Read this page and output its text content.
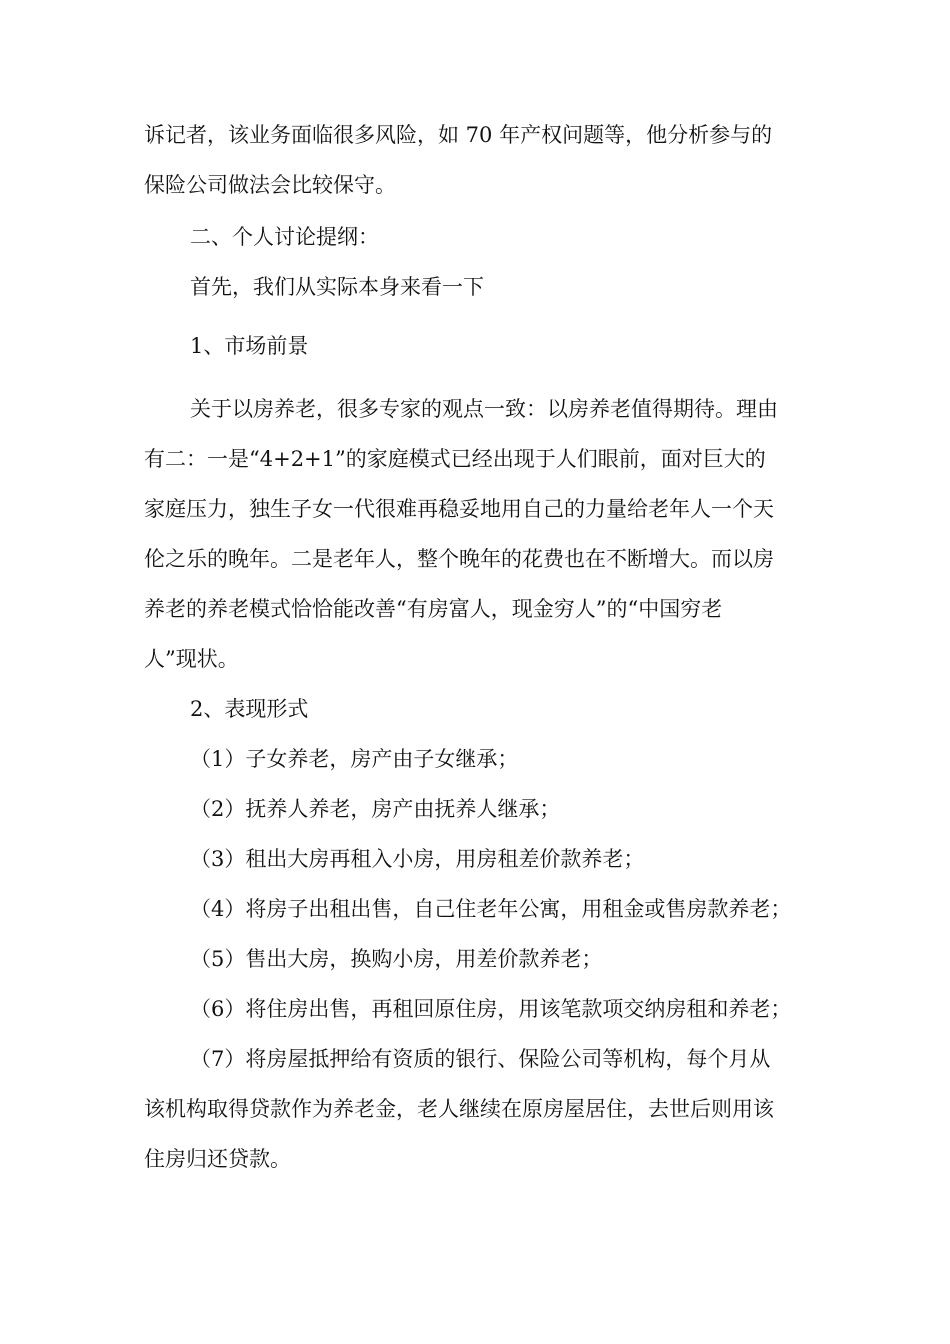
诉记者，该业务面临很多风险，如 70 年产权问题等，他分析参与的
保险公司做法会比较保守。
二、个人讨论提纲：
首先，我们从实际本身来看一下
1、市场前景
关于以房养老，很多专家的观点一致：以房养老值得期待。理由
有二：一是“4+2+1”的家庭模式已经出现于人们眼前，面对巨大的
家庭压力，独生子女一代很难再稳妥地用自己的力量给老年人一个天
伦之乐的晚年。二是老年人，整个晚年的花费也在不断增大。而以房
养老的养老模式恰恰能改善“有房富人，现金穷人”的“中国穷老
人”现状。
2、表现形式
（1）子女养老，房产由子女继承；
（2）抚养人养老，房产由抚养人继承；
（3）租出大房再租入小房，用房租差价款养老；
（4）将房子出租出售，自己住老年公寓，用租金或售房款养老；
（5）售出大房，换购小房，用差价款养老；
（6）将住房出售，再租回原住房，用该笔款项交纳房租和养老；
（7）将房屋抵押给有资质的银行、保险公司等机构，每个月从
该机构取得贷款作为养老金，老人继续在原房屋居住，去世后则用该
住房归还贷款。
